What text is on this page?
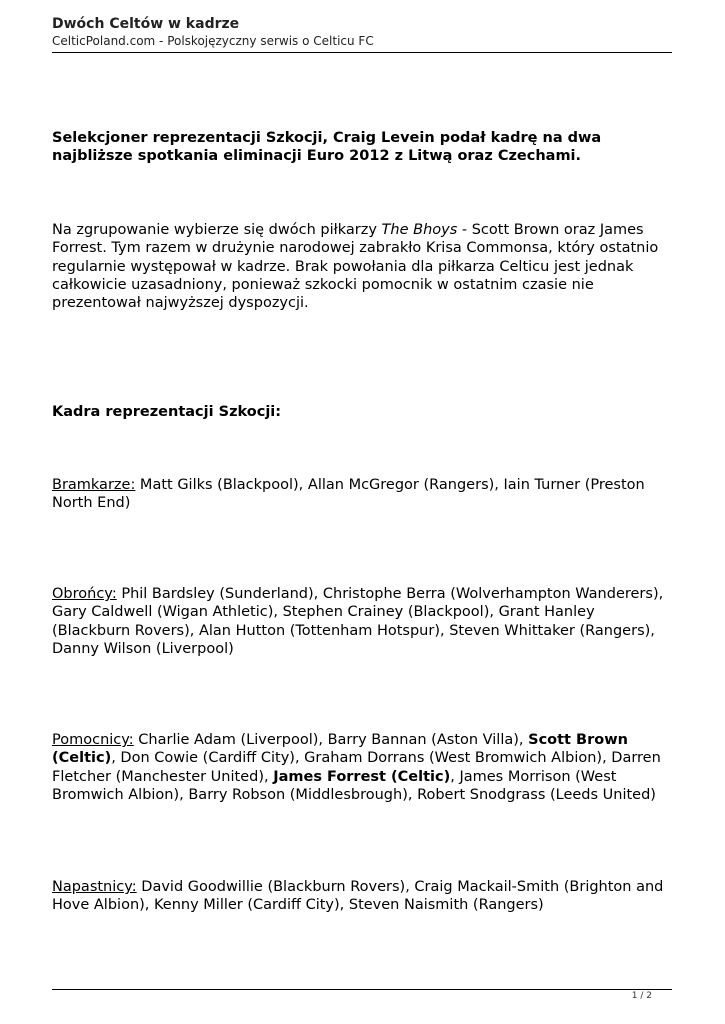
Dwóch Celtów w kadrze
CelticPoland.com - Polskojęzyczny serwis o Celticu FC

Selekcjoner reprezentacji Szkocji, Craig Levein podał kadrę na dwa najbliższe spotkania eliminacji Euro 2012 z Litwą oraz Czechami.

Na zgrupowanie wybierze się dwóch piłkarzy The Bhoys - Scott Brown oraz James Forrest. Tym razem w drużynie narodowej zabrakło Krisa Commonsa, który ostatnio regularnie występował w kadrze. Brak powołania dla piłkarza Celticu jest jednak całkowicie uzasadniony, ponieważ szkocki pomocnik w ostatnim czasie nie prezentował najwyższej dyspozycji.

Kadra reprezentacji Szkocji:

Bramkarze: Matt Gilks (Blackpool), Allan McGregor (Rangers), Iain Turner (Preston North End)

Obrońcy: Phil Bardsley (Sunderland), Christophe Berra (Wolverhampton Wanderers), Gary Caldwell (Wigan Athletic), Stephen Crainey (Blackpool), Grant Hanley (Blackburn Rovers), Alan Hutton (Tottenham Hotspur), Steven Whittaker (Rangers), Danny Wilson (Liverpool)

Pomocnicy: Charlie Adam (Liverpool), Barry Bannan (Aston Villa), Scott Brown (Celtic), Don Cowie (Cardiff City), Graham Dorrans (West Bromwich Albion), Darren Fletcher (Manchester United), James Forrest (Celtic), James Morrison (West Bromwich Albion), Barry Robson (Middlesbrough), Robert Snodgrass (Leeds United)

Napastnicy: David Goodwillie (Blackburn Rovers), Craig Mackail-Smith (Brighton and Hove Albion), Kenny Miller (Cardiff City), Steven Naismith (Rangers)

1 / 2
